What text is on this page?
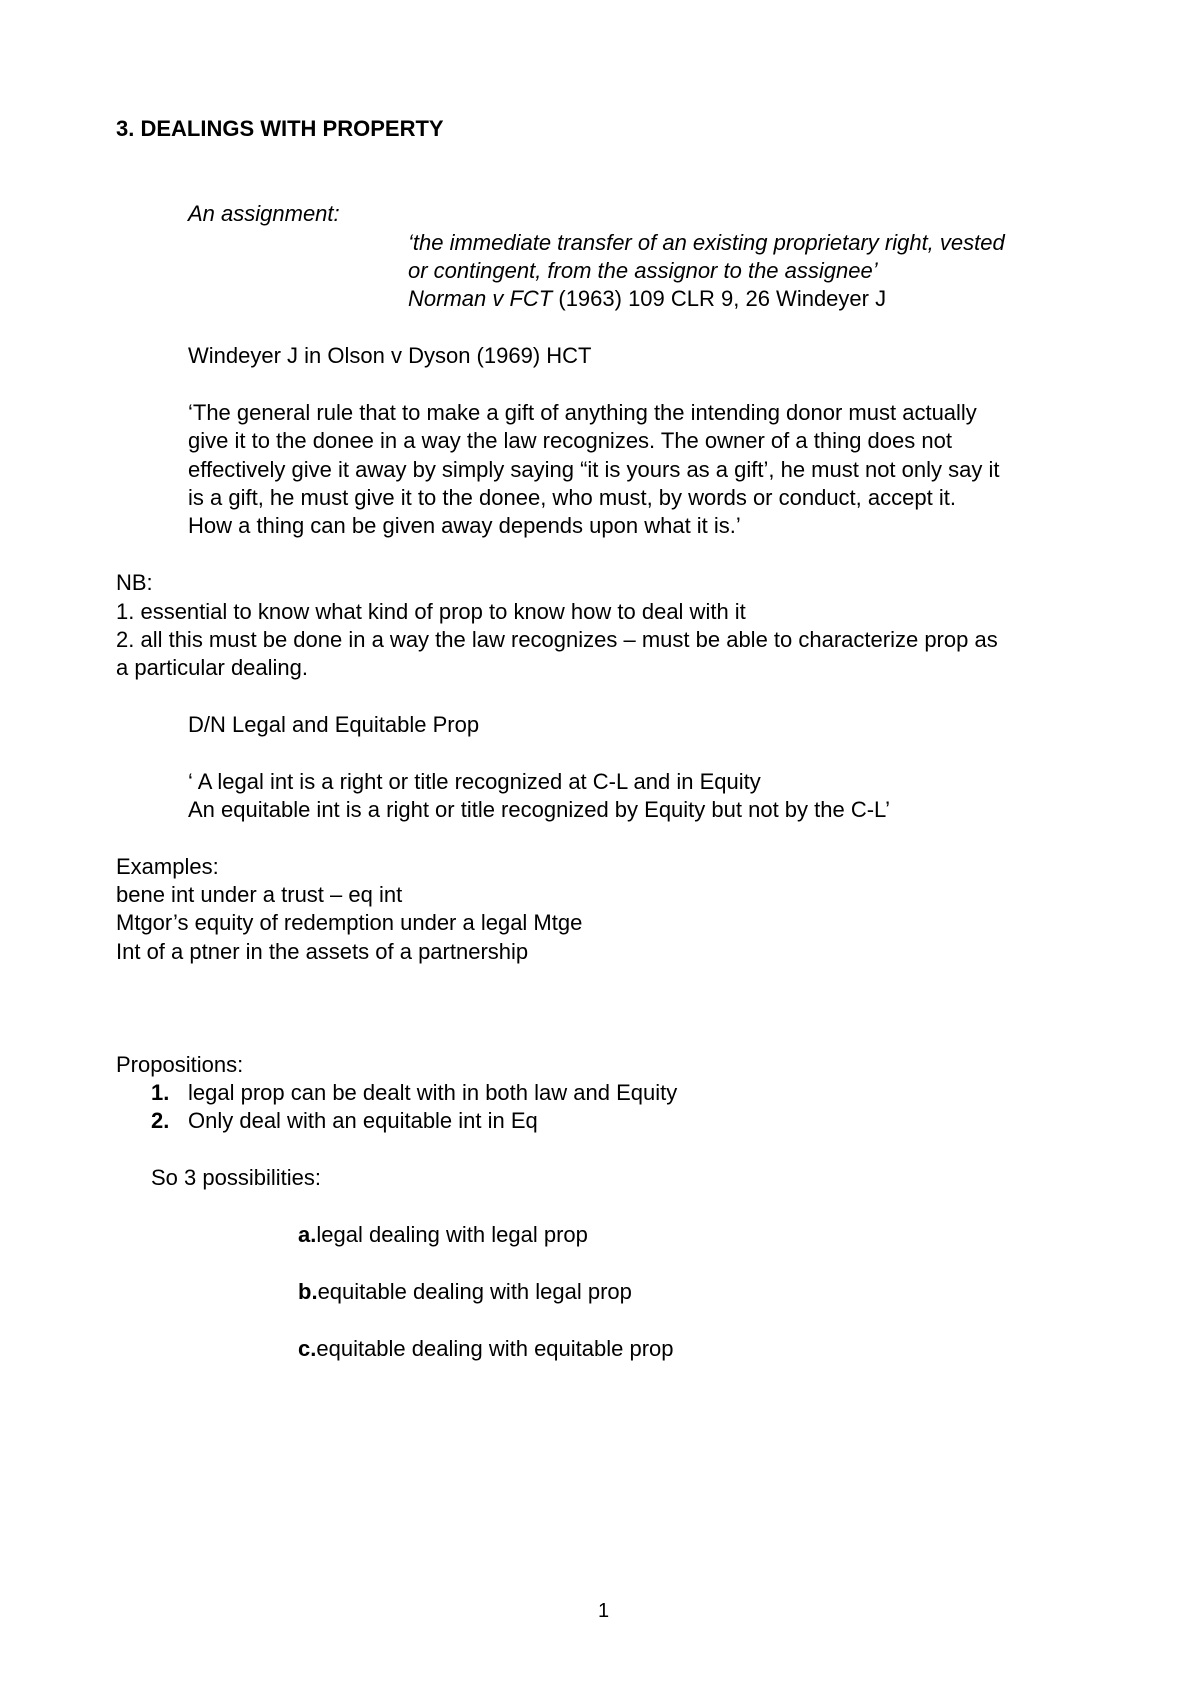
3. DEALINGS WITH PROPERTY
An assignment:
‘the immediate transfer of an existing proprietary right, vested
or contingent, from the assignor to the assignee’
Norman v FCT (1963) 109 CLR 9, 26 Windeyer J
Windeyer J in Olson v Dyson (1969) HCT
‘The general rule that to make a gift of anything the intending donor must actually
give it to the donee in a way the law recognizes. The owner of a thing does not
effectively give it away by simply saying “it is yours as a gift’, he must not only say it
is a gift, he must give it to the donee, who must, by words or conduct, accept it.
How a thing can be given away depends upon what it is.’
NB:
1. essential to know what kind of prop to know how to deal with it
2. all this must be done in a way the law recognizes – must be able to characterize prop as
a particular dealing.
D/N Legal and Equitable Prop
‘ A legal int is a right or title recognized at C-L and in Equity
An equitable int is a right or title recognized by Equity but not by the C-L’
Examples:
bene int under a trust – eq int
Mtgor’s equity of redemption under a legal Mtge
Int of a ptner in the assets of a partnership
Propositions:
1. legal prop can be dealt with in both law and Equity
2. Only deal with an equitable int in Eq
So 3 possibilities:
a.legal dealing with legal prop
b.equitable dealing with legal prop
c.equitable dealing with equitable prop
1
